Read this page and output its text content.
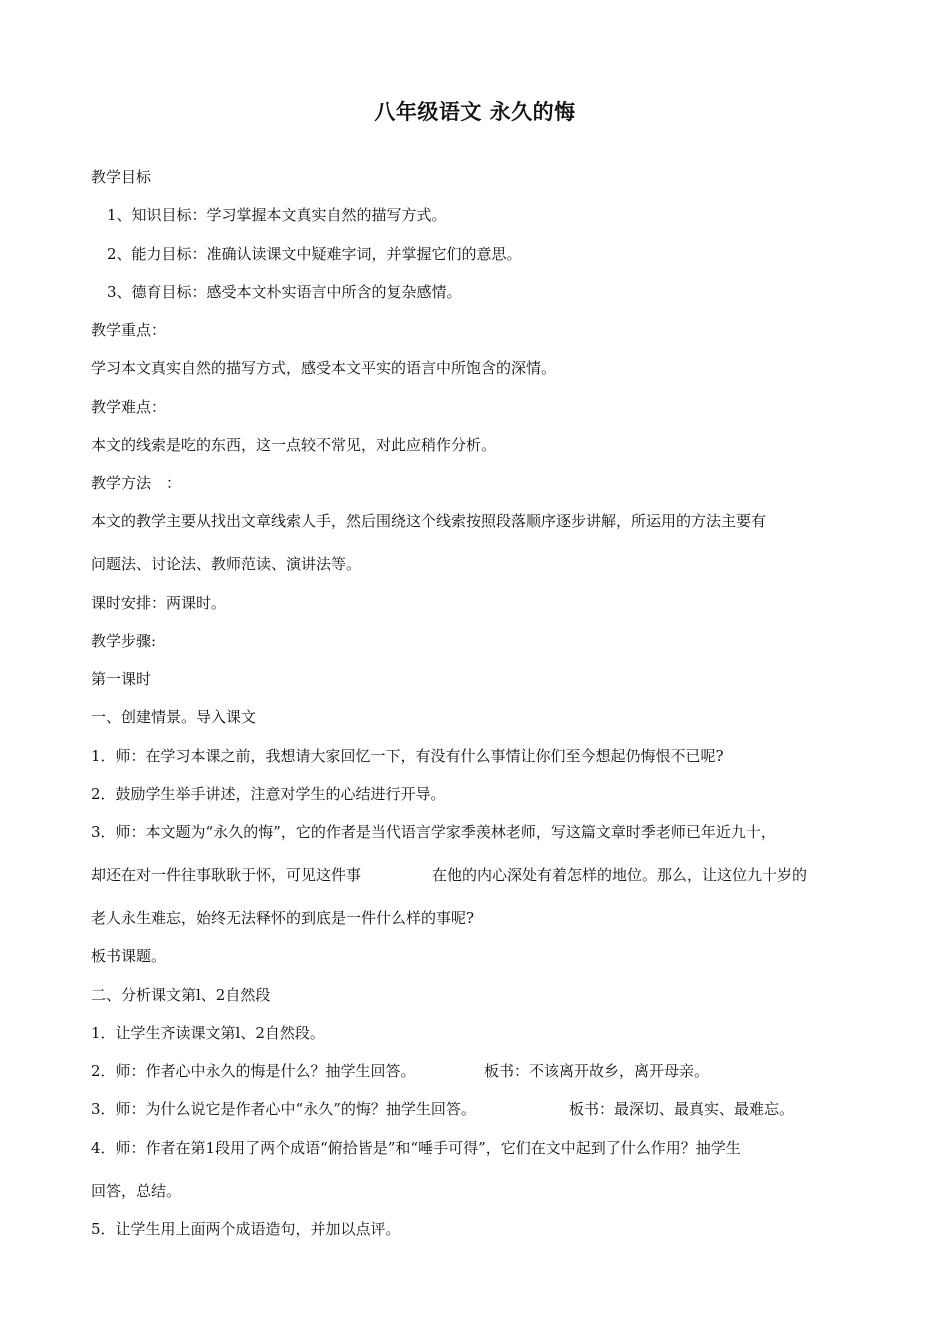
八年级语文 永久的悔
教学目标
1、知识目标：学习掌握本文真实自然的描写方式。
2、能力目标：准确认读课文中疑难字词，并掌握它们的意思。
3、德育目标：感受本文朴实语言中所含的复杂感情。
教学重点：
学习本文真实自然的描写方式，感受本文平实的语言中所饱含的深情。
教学难点：
本文的线索是吃的东西，这一点较不常见，对此应稍作分析。
教学方法　：
本文的教学主要从找出文章线索人手，然后围绕这个线索按照段落顺序逐步讲解，所运用的方法主要有
问题法、讨论法、教师范读、演讲法等。
课时安排：两课时。
教学步骤:
第一课时
一、创建情景。导入课文
1．师：在学习本课之前，我想请大家回忆一下，有没有什么事情让你们至今想起仍悔恨不已呢?
2．鼓励学生举手讲述，注意对学生的心结进行开导。
3．师：本文题为“永久的悔”，它的作者是当代语言学家季羡林老师，写这篇文章时季老师已年近九十，
却还在对一件往事耿耿于怀，可见这件事	在他的内心深处有着怎样的地位。那么，让这位九十岁的
老人永生难忘，始终无法释怀的到底是一件什么样的事呢?
板书课题。
二、分析课文第l、2自然段
1．让学生齐读课文第l、2自然段。
2．师：作者心中永久的悔是什么？抽学生回答。	板书：不该离开故乡，离开母亲。
3．师：为什么说它是作者心中“永久”的悔？抽学生回答。	板书：最深切、最真实、最难忘。
4．师：作者在第1段用了两个成语“俯拾皆是”和“唾手可得”，它们在文中起到了什么作用？抽学生
回答，总结。
5．让学生用上面两个成语造句，并加以点评。
